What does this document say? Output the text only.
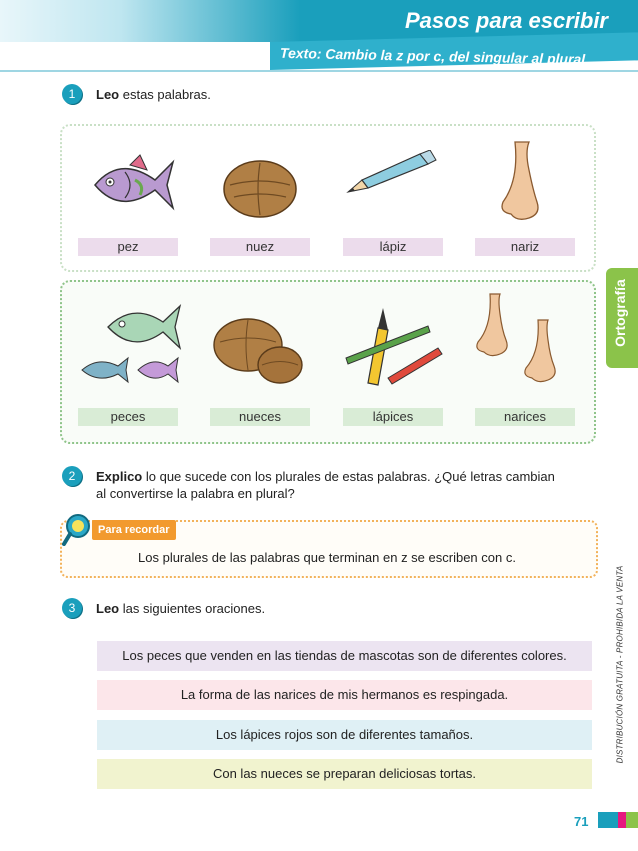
Pasos para escribir
Texto: Cambio la z por c, del singular al plural
Ortografía
DISTRIBUCIÓN GRATUITA - PROHIBIDA LA VENTA
1	Leo estas palabras.
pez	nuez	lápiz	nariz
peces	nueces	lápices	narices
2	Explico lo que sucede con los plurales de estas palabras. ¿Qué letras cambian al convertirse la palabra en plural?
Para recordar
Los plurales de las palabras que terminan en z se escriben con c.
3	Leo las siguientes oraciones.
Los peces que venden en las tiendas de mascotas son de diferentes colores.
La forma de las narices de mis hermanos es respingada.
Los lápices rojos son de diferentes tamaños.
Con las nueces se preparan deliciosas tortas.
71
